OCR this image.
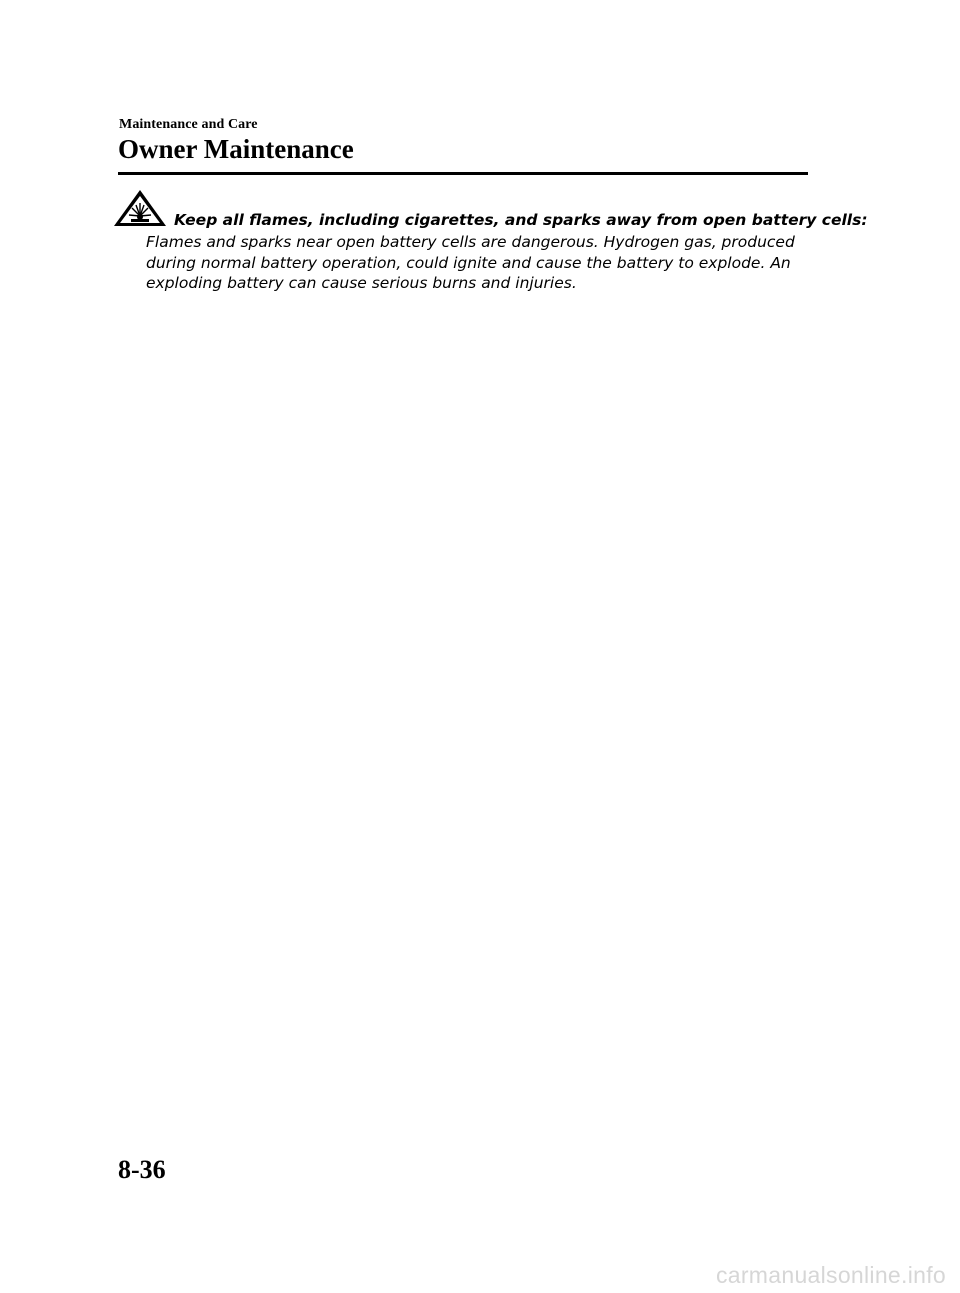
Maintenance and Care
Owner Maintenance
Keep all flames, including cigarettes, and sparks away from open battery cells:
Flames and sparks near open battery cells are dangerous. Hydrogen gas, produced during normal battery operation, could ignite and cause the battery to explode. An exploding battery can cause serious burns and injuries.
8-36
carmanualsonline.info
